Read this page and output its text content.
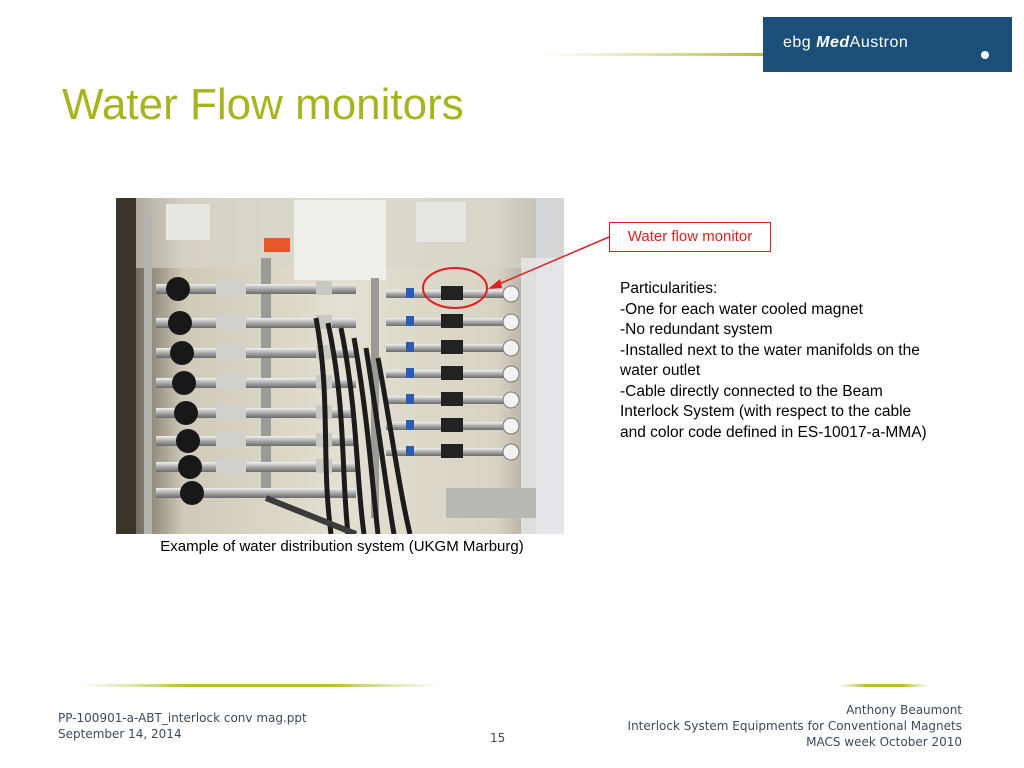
ebg MedAustron
Water Flow monitors
Example of water distribution system (UKGM Marburg)
Water flow monitor
Particularities:
-One for each water cooled magnet
-No redundant system
-Installed next to the water manifolds on the water outlet
-Cable directly connected to the Beam Interlock System (with respect to the cable and color code defined in ES-10017-a-MMA)
PP-100901-a-ABT_interlock conv mag.ppt
September 14, 2014	15
Anthony Beaumont
Interlock System Equipments for Conventional Magnets
MACS week October 2010
